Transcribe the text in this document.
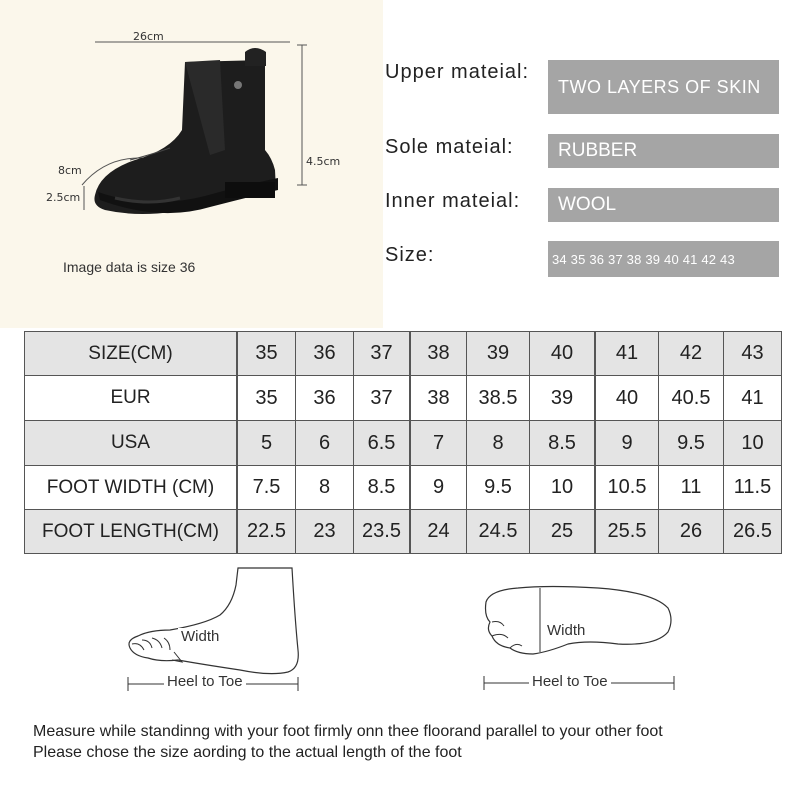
26cm
4.5cm
8cm
2.5cm
Image data is size 36
Upper mateial:
TWO LAYERS OF SKIN
Sole mateial:	RUBBER
Inner mateial:	WOOL
Size:	34 35 36 37 38 39 40 41 42 43
SIZE(CM)	35	36	37	38	39	40	41	42	43
EUR	35	36	37	38	38.5	39	40	40.5	41
USA	5	6	6.5	7	8	8.5	9	9.5	10
FOOT WIDTH (CM)	7.5	8	8.5	9	9.5	10	10.5	11	11.5
FOOT LENGTH(CM)	22.5	23	23.5	24	24.5	25	25.5	26	26.5
Width
Heel to Toe
Width
Heel to Toe
Measure while standinng with your foot firmly onn thee floorand parallel to your other foot
Please chose the size aording to the actual length of the foot
